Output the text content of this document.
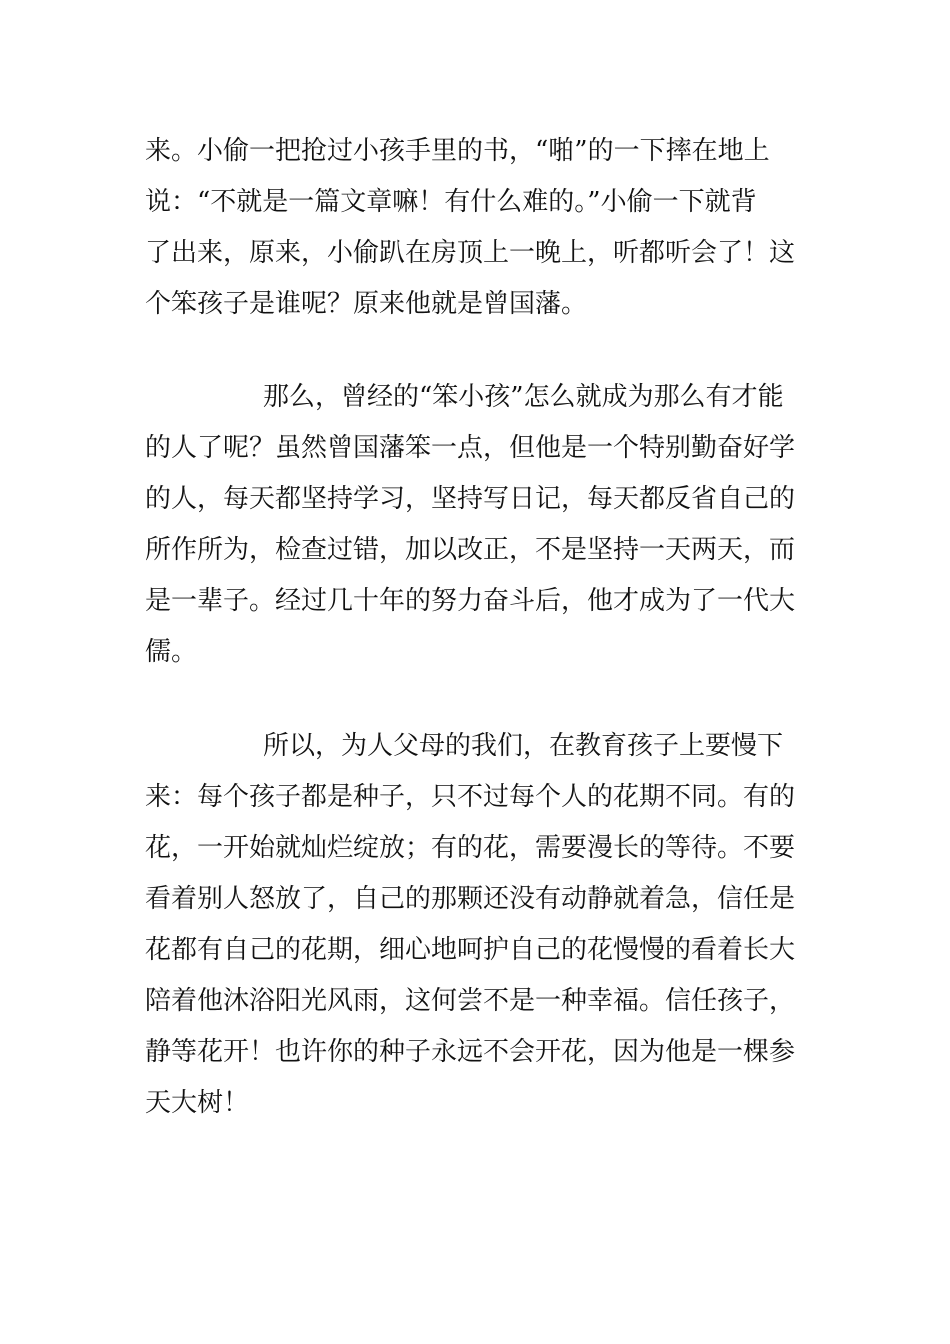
来。小偷一把抢过小孩手里的书，“啪”的一下摔在地上
说：“不就是一篇文章嘛！有什么难的。”小偷一下就背
了出来，原来，小偷趴在房顶上一晚上，听都听会了！这
个笨孩子是谁呢？原来他就是曾国藩。
那么，曾经的“笨小孩”怎么就成为那么有才能
的人了呢？虽然曾国藩笨一点，但他是一个特别勤奋好学
的人，每天都坚持学习，坚持写日记，每天都反省自己的
所作所为，检查过错，加以改正，不是坚持一天两天，而
是一辈子。经过几十年的努力奋斗后，他才成为了一代大
儒。
所以，为人父母的我们，在教育孩子上要慢下
来：每个孩子都是种子，只不过每个人的花期不同。有的
花，一开始就灿烂绽放；有的花，需要漫长的等待。不要
看着别人怒放了，自己的那颗还没有动静就着急，信任是
花都有自己的花期，细心地呵护自己的花慢慢的看着长大
陪着他沐浴阳光风雨，这何尝不是一种幸福。信任孩子，
静等花开！也许你的种子永远不会开花，因为他是一棵参
天大树！
